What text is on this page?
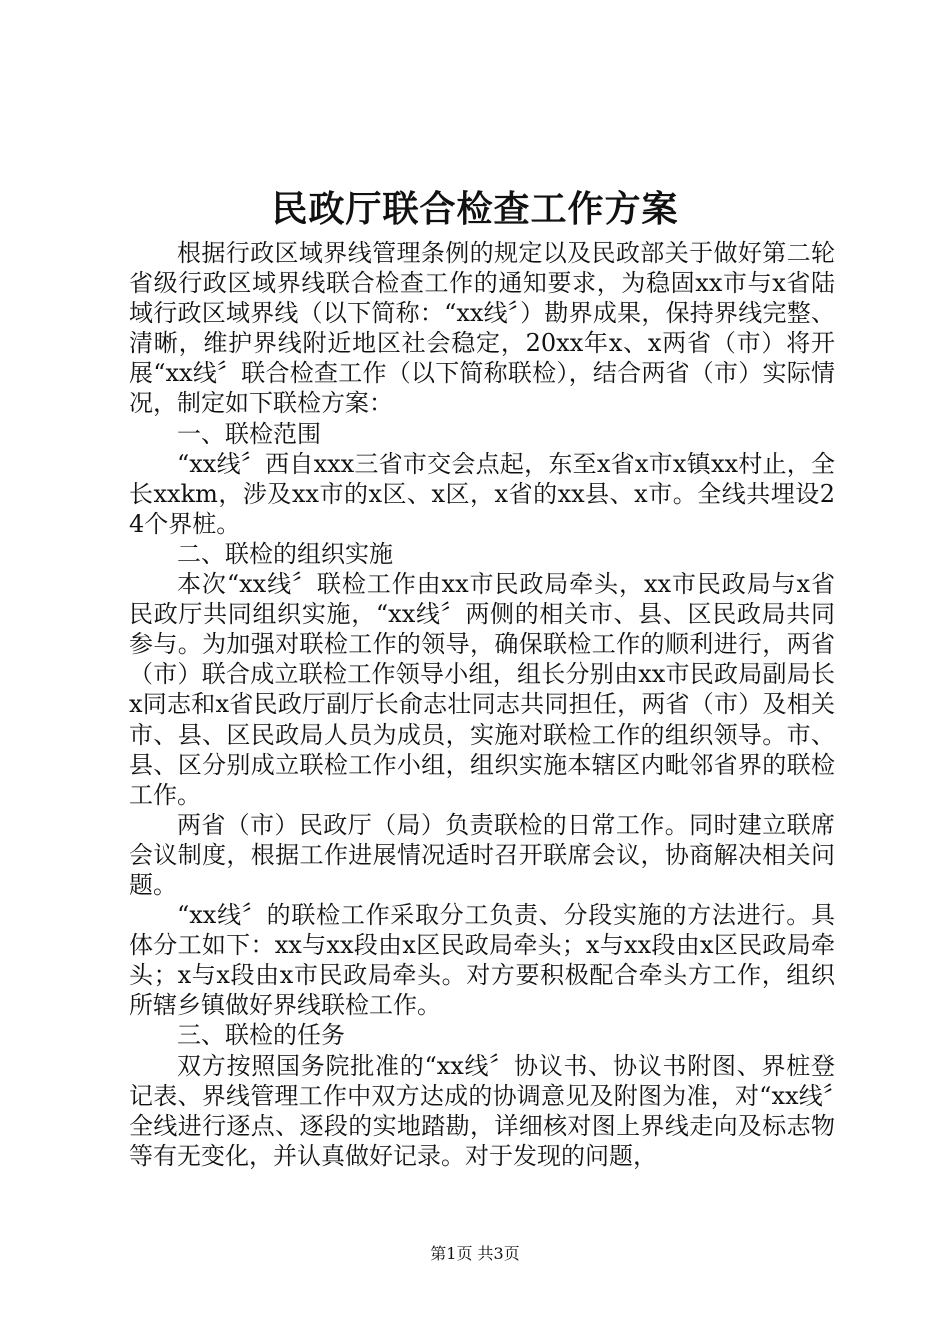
民政厅联合检查工作方案

根据行政区域界线管理条例的规定以及民政部关于做好第二轮省级行政区域界线联合检查工作的通知要求，为稳固xx市与x省陆域行政区域界线（以下简称：“xx线〞）勘界成果，保持界线完整、清晰，维护界线附近地区社会稳定，20xx年x、x两省（市）将开展“xx线〞联合检查工作（以下简称联检），结合两省（市）实际情况，制定如下联检方案：

一、联检范围

“xx线〞西自xxx三省市交会点起，东至x省x市x镇xx村止，全长xxkm，涉及xx市的x区、x区，x省的xx县、x市。全线共埋设24个界桩。

二、联检的组织实施

本次“xx线〞联检工作由xx市民政局牵头，xx市民政局与x省民政厅共同组织实施，“xx线〞两侧的相关市、县、区民政局共同参与。为加强对联检工作的领导，确保联检工作的顺利进行，两省（市）联合成立联检工作领导小组，组长分别由xx市民政局副局长x同志和x省民政厅副厅长俞志壮同志共同担任，两省（市）及相关市、县、区民政局人员为成员，实施对联检工作的组织领导。市、县、区分别成立联检工作小组，组织实施本辖区内毗邻省界的联检工作。

两省（市）民政厅（局）负责联检的日常工作。同时建立联席会议制度，根据工作进展情况适时召开联席会议，协商解决相关问题。

“xx线〞的联检工作采取分工负责、分段实施的方法进行。具体分工如下：xx与xx段由x区民政局牵头；x与xx段由x区民政局牵头；x与x段由x市民政局牵头。对方要积极配合牵头方工作，组织所辖乡镇做好界线联检工作。

三、联检的任务

双方按照国务院批准的“xx线〞协议书、协议书附图、界桩登记表、界线管理工作中双方达成的协调意见及附图为准，对“xx线〞全线进行逐点、逐段的实地踏勘，详细核对图上界线走向及标志物等有无变化，并认真做好记录。对于发现的问题，

第1页 共3页
